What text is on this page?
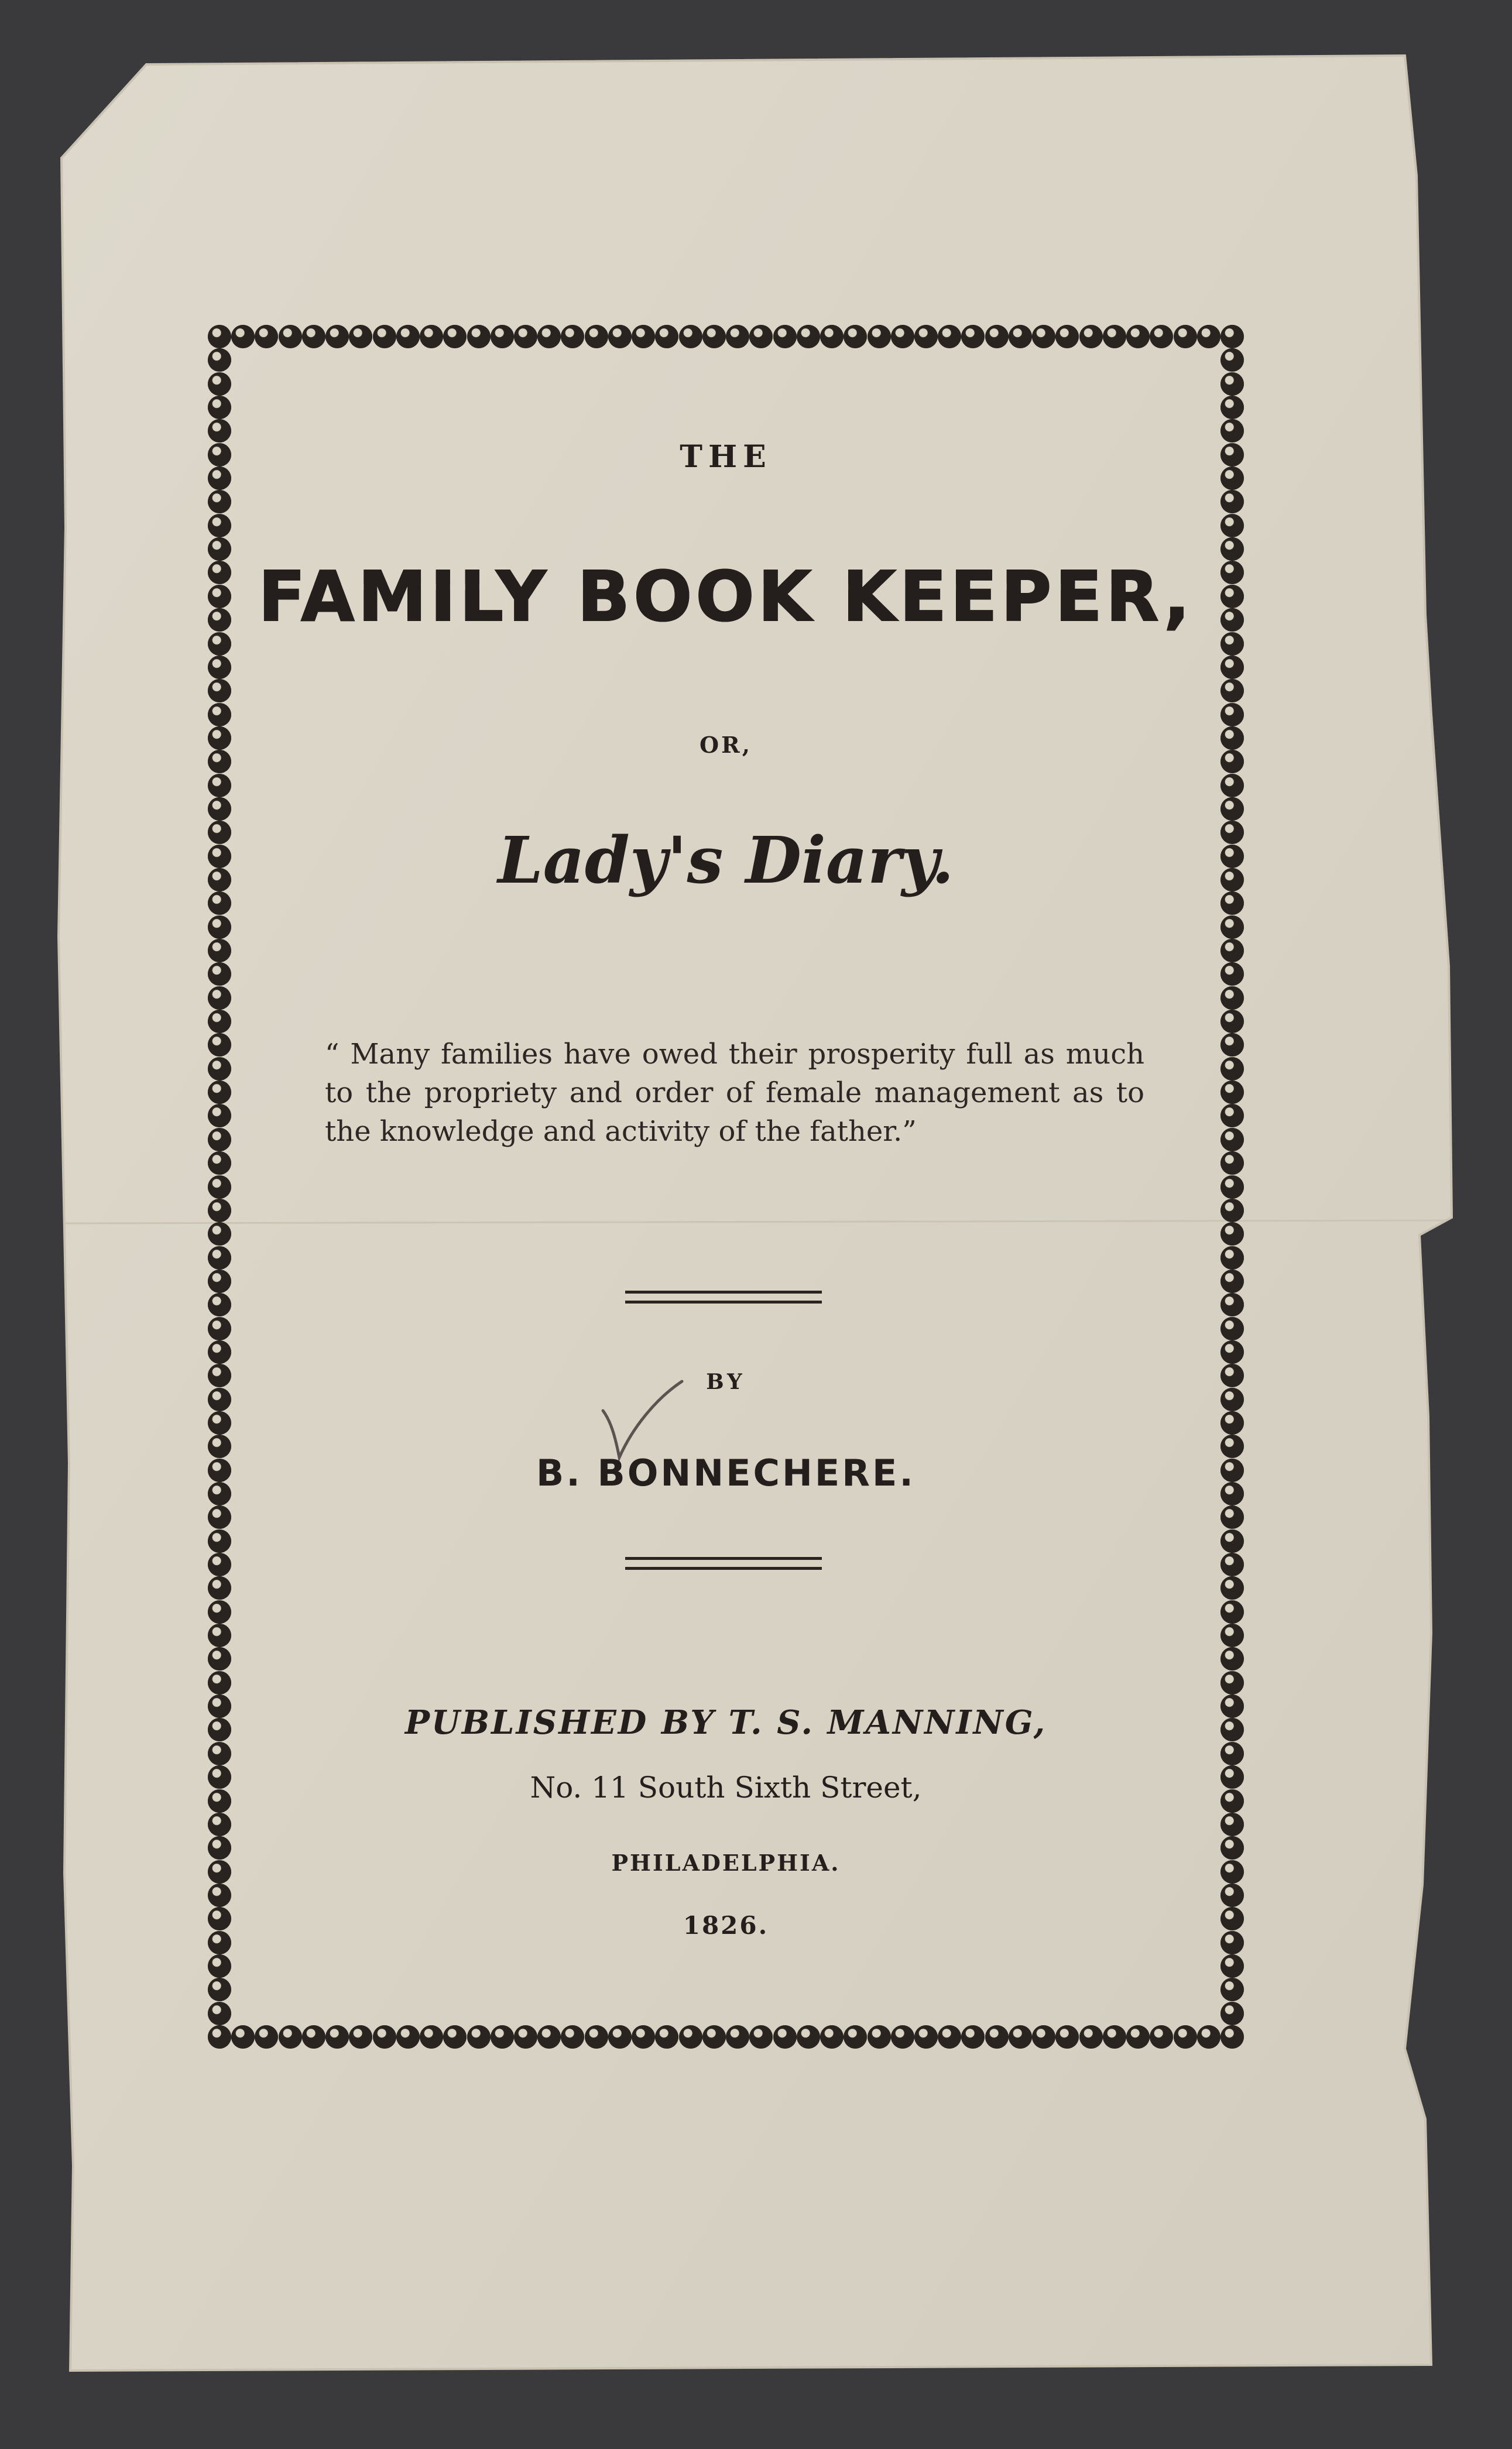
THE
FAMILY BOOK KEEPER,
OR,
Lady's Diary.
“ Many families have owed their prosperity full as much to the propriety and order of female management as to the knowledge and activity of the father.”
BY
B. BONNECHERE.
PUBLISHED BY T. S. MANNING,
No. 11 South Sixth Street,
PHILADELPHIA.
1826.
